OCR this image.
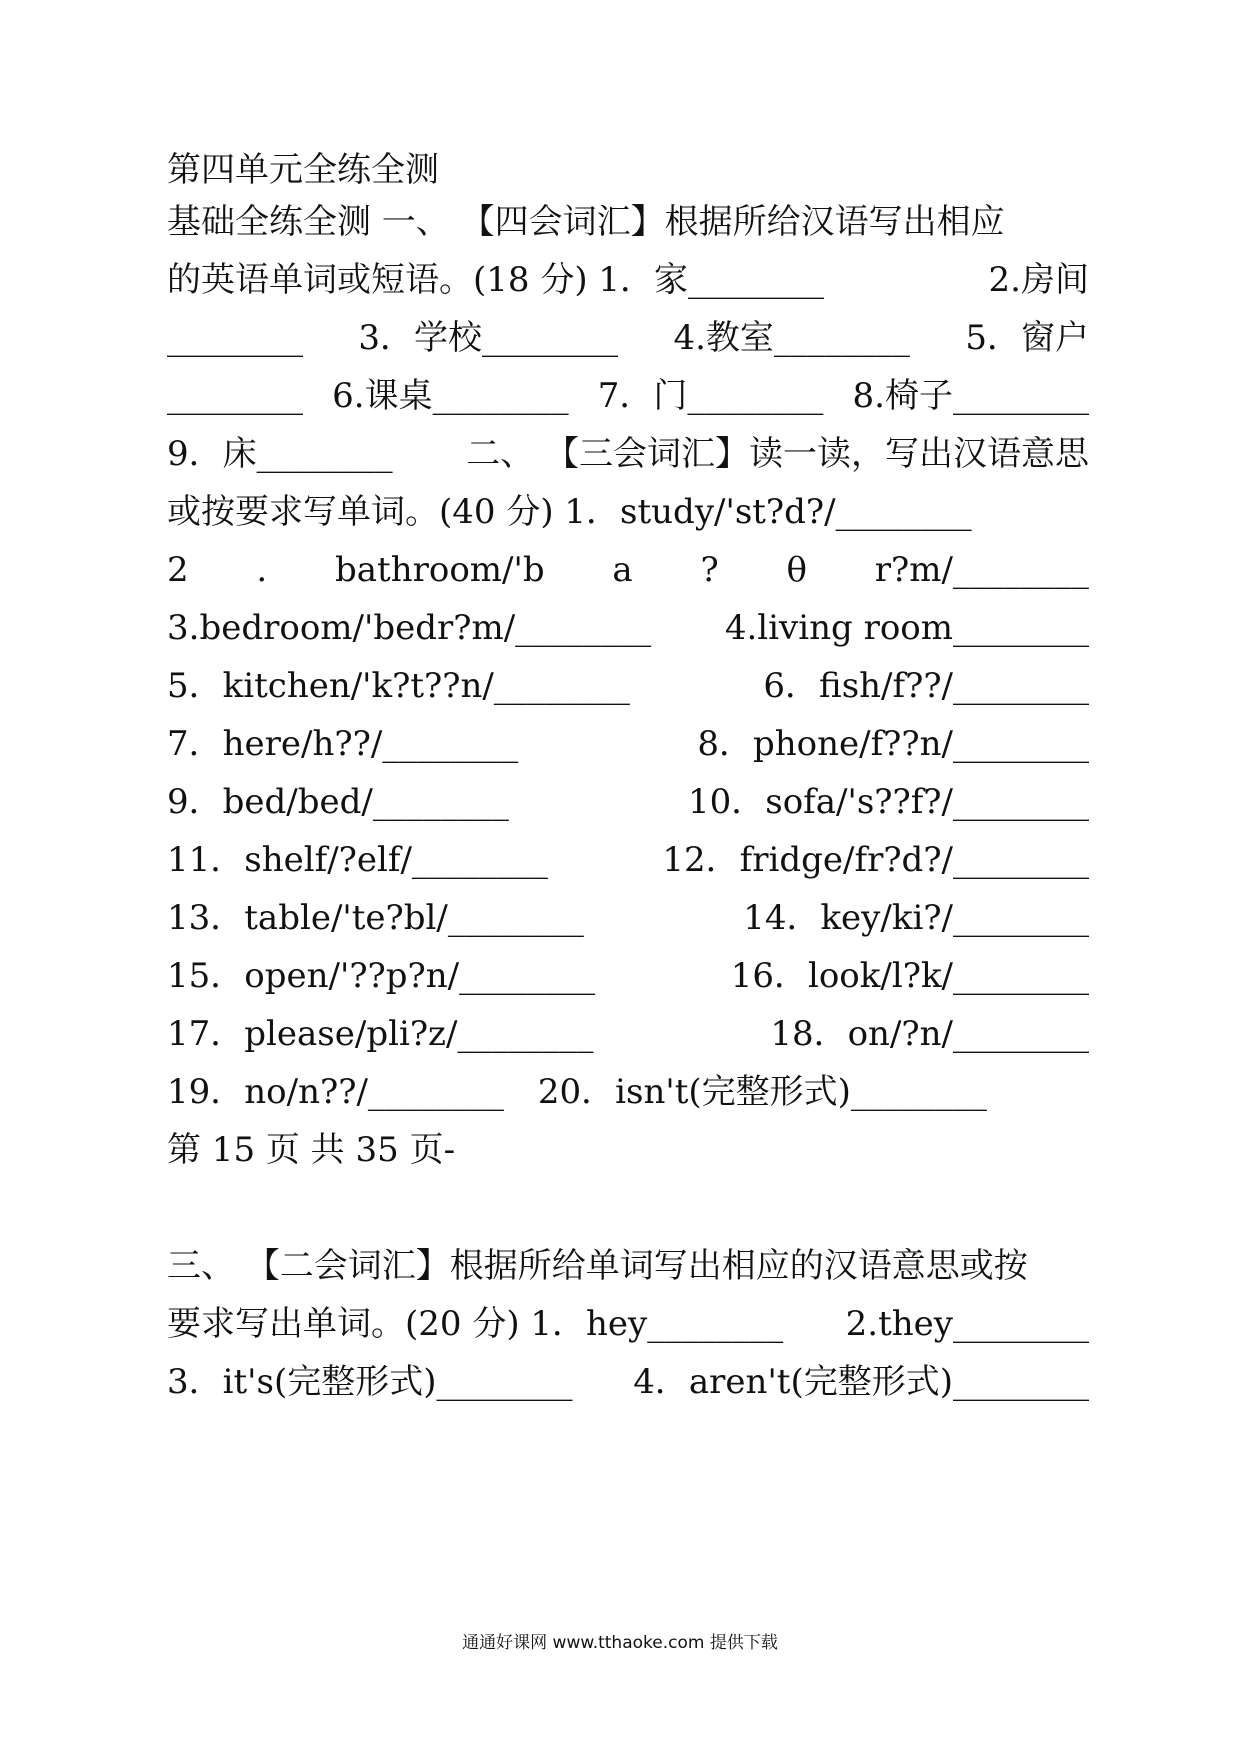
第四单元全练全测
基础全练全测 一、 【四会词汇】根据所给汉语写出相应
的英语单词或短语。(18 分) 1．家________	2.房间
________ 3．学校________ 4.教室________ 5．窗户
________ 6.课桌________ 7．门________ 8.椅子________
9．床________ 二、 【三会词汇】读一读，写出汉语意思
或按要求写单词。(40 分) 1．study/'st?d?/________
2 . bathroom/'b a ? θ r?m/________
3.bedroom/'bedr?m/________ 4.living room________
5．kitchen/'k?t??n/________	6．fish/f??/________
7．here/h??/________	8．phone/f??n/________
9．bed/bed/________	10．sofa/'s??f?/________
11．shelf/?elf/________	12．fridge/fr?d?/________
13．table/'te?bl/________	14．key/ki?/________
15．open/'??p?n/________	16．look/l?k/________
17．please/pli?z/________	18．on/?n/________
19．no/n??/________ 20．isn't(完整形式)________
第 15 页 共 35 页-
三、 【二会词汇】根据所给单词写出相应的汉语意思或按
要求写出单词。(20 分) 1．hey________ 2.they________
3．it's(完整形式)________ 4．aren't(完整形式)________
通通好课网 www.tthaoke.com 提供下载
